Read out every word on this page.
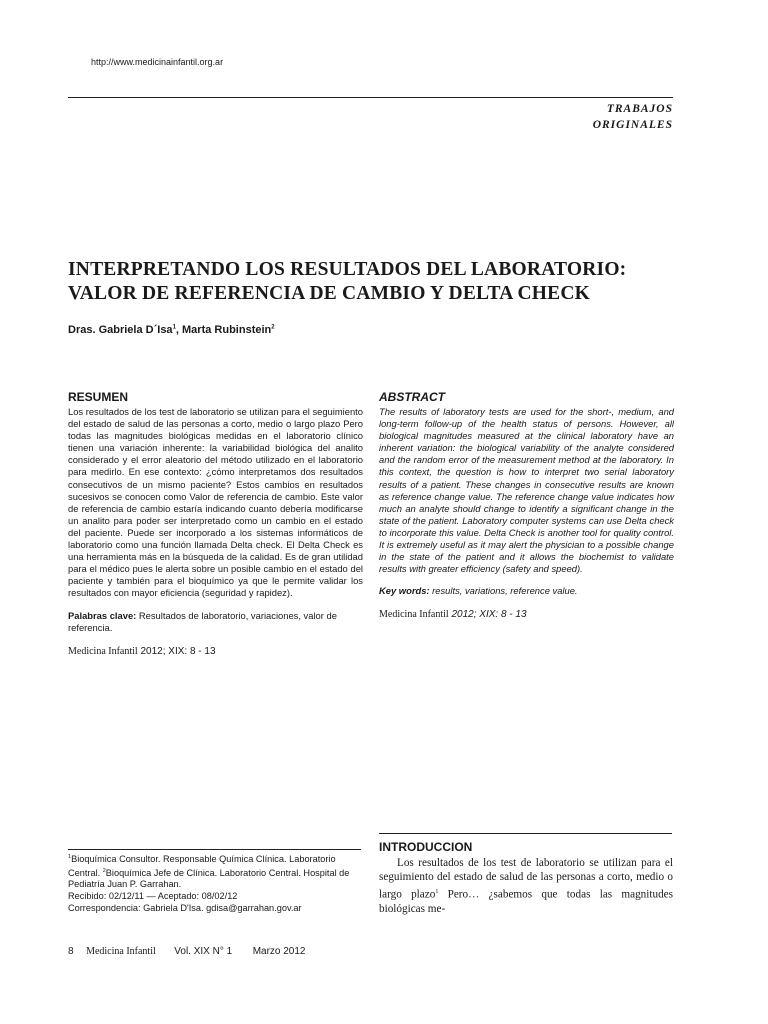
http://www.medicinainfantil.org.ar
TRABAJOS
ORIGINALES
INTERPRETANDO LOS RESULTADOS DEL LABORATORIO:
VALOR DE REFERENCIA DE CAMBIO Y DELTA CHECK
Dras. Gabriela D´Isa$^1$, Marta Rubinstein$^2$
RESUMEN

Los resultados de los test de laboratorio se utilizan para el seguimiento del estado de salud de las personas a corto, medio o largo plazo Pero todas las magnitudes biológicas medidas en el laboratorio clínico tienen una variación inherente: la variabilidad biológica del analito considerado y el error aleatorio del método utilizado en el laboratorio para medirlo. En ese contexto: ¿cómo interpretamos dos resultados consecutivos de un mismo paciente? Estos cambios en resultados sucesivos se conocen como Valor de referencia de cambio. Este valor de referencia de cambio estaría indicando cuanto debería modificarse un analito para poder ser interpretado como un cambio en el estado del paciente. Puede ser incorporado a los sistemas informáticos de laboratorio como una función llamada Delta check. El Delta Check es una herramienta más en la búsqueda de la calidad. Es de gran utilidad para el médico pues le alerta sobre un posible cambio en el estado del paciente y también para el bioquímico ya que le permite validar los resultados con mayor eficiencia (seguridad y rapidez).

Palabras clave: Resultados de laboratorio, variaciones, valor de referencia.

Medicina Infantil 2012; XIX: 8 - 13
ABSTRACT

The results of laboratory tests are used for the short-, medium, and long-term follow-up of the health status of persons. However, all biological magnitudes measured at the clinical laboratory have an inherent variation: the biological variability of the analyte considered and the random error of the measurement method at the laboratory. In this context, the question is how to interpret two serial laboratory results of a patient. These changes in consecutive results are known as reference change value. The reference change value indicates how much an analyte should change to identify a significant change in the state of the patient. Laboratory computer systems can use Delta check to incorporate this value. Delta Check is another tool for quality control. It is extremely useful as it may alert the physician to a possible change in the state of the patient and it allows the biochemist to validate results with greater efficiency (safety and speed).

Key words: results, variations, reference value.

Medicina Infantil 2012; XIX: 8 - 13
$^1$Bioquímica Consultor. Responsable Química Clínica. Laboratorio Central. $^2$Bioquímica Jefe de Clínica. Laboratorio Central. Hospital de Pediatría Juan P. Garrahan.
Recibido: 02/12/11 — Aceptado: 08/02/12
Correspondencia: Gabriela D'Isa. gdisa@garrahan.gov.ar
INTRODUCCION

Los resultados de los test de laboratorio se utilizan para el seguimiento del estado de salud de las personas a corto, medio o largo plazo$^1$ Pero… ¿sabemos que todas las magnitudes biológicas me-

8 Medicina Infantil Vol. XIX N° 1 Marzo 2012
